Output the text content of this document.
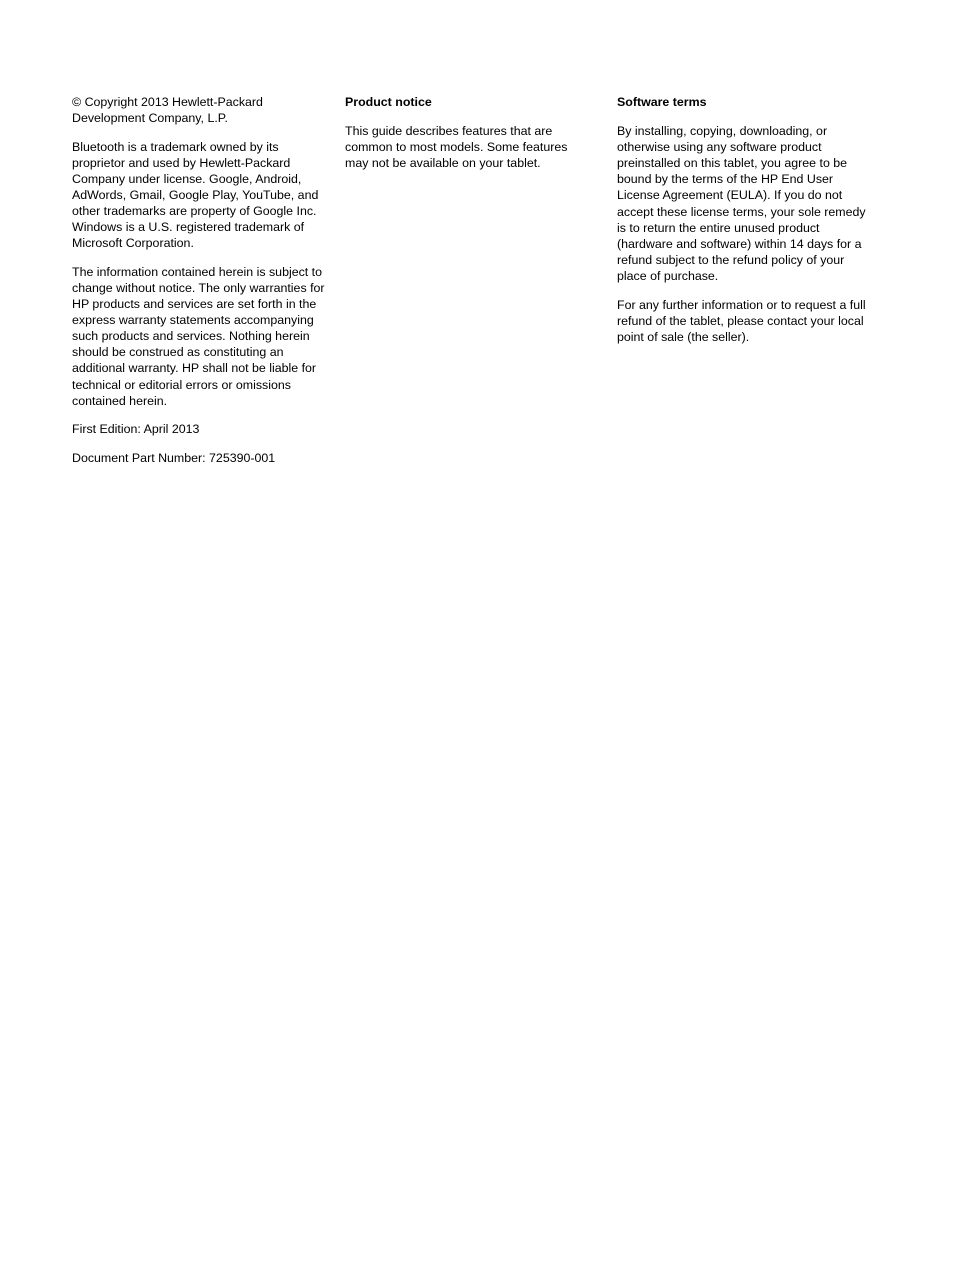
© Copyright 2013 Hewlett-Packard Development Company, L.P.

Bluetooth is a trademark owned by its proprietor and used by Hewlett-Packard Company under license. Google, Android, AdWords, Gmail, Google Play, YouTube, and other trademarks are property of Google Inc. Windows is a U.S. registered trademark of Microsoft Corporation.

The information contained herein is subject to change without notice. The only warranties for HP products and services are set forth in the express warranty statements accompanying such products and services. Nothing herein should be construed as constituting an additional warranty. HP shall not be liable for technical or editorial errors or omissions contained herein.

First Edition: April 2013

Document Part Number: 725390-001

Product notice

This guide describes features that are common to most models. Some features may not be available on your tablet.

Software terms

By installing, copying, downloading, or otherwise using any software product preinstalled on this tablet, you agree to be bound by the terms of the HP End User License Agreement (EULA). If you do not accept these license terms, your sole remedy is to return the entire unused product (hardware and software) within 14 days for a refund subject to the refund policy of your place of purchase.

For any further information or to request a full refund of the tablet, please contact your local point of sale (the seller).
